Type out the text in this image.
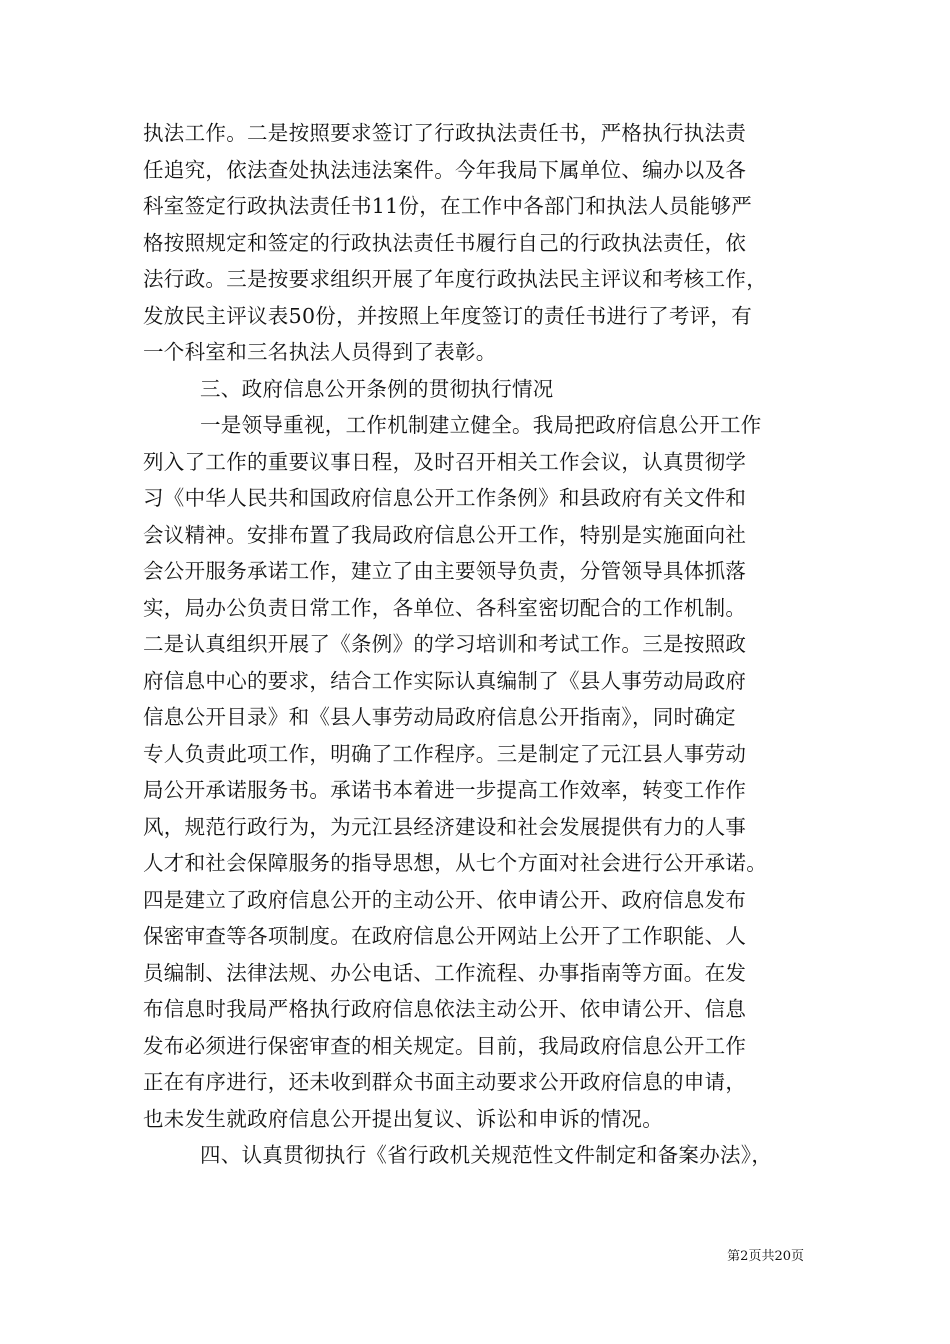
执法工作。二是按照要求签订了行政执法责任书，严格执行执法责
任追究，依法查处执法违法案件。今年我局下属单位、编办以及各
科室签定行政执法责任书11份，在工作中各部门和执法人员能够严
格按照规定和签定的行政执法责任书履行自己的行政执法责任，依
法行政。三是按要求组织开展了年度行政执法民主评议和考核工作，
发放民主评议表50份，并按照上年度签订的责任书进行了考评，有
一个科室和三名执法人员得到了表彰。
三、政府信息公开条例的贯彻执行情况
一是领导重视，工作机制建立健全。我局把政府信息公开工作
列入了工作的重要议事日程，及时召开相关工作会议，认真贯彻学
习《中华人民共和国政府信息公开工作条例》和县政府有关文件和
会议精神。安排布置了我局政府信息公开工作，特别是实施面向社
会公开服务承诺工作，建立了由主要领导负责，分管领导具体抓落
实，局办公负责日常工作，各单位、各科室密切配合的工作机制。
二是认真组织开展了《条例》的学习培训和考试工作。三是按照政
府信息中心的要求，结合工作实际认真编制了《县人事劳动局政府
信息公开目录》和《县人事劳动局政府信息公开指南》，同时确定
专人负责此项工作，明确了工作程序。三是制定了元江县人事劳动
局公开承诺服务书。承诺书本着进一步提高工作效率，转变工作作
风，规范行政行为，为元江县经济建设和社会发展提供有力的人事
人才和社会保障服务的指导思想，从七个方面对社会进行公开承诺。
四是建立了政府信息公开的主动公开、依申请公开、政府信息发布
保密审查等各项制度。在政府信息公开网站上公开了工作职能、人
员编制、法律法规、办公电话、工作流程、办事指南等方面。在发
布信息时我局严格执行政府信息依法主动公开、依申请公开、信息
发布必须进行保密审查的相关规定。目前，我局政府信息公开工作
正在有序进行，还未收到群众书面主动要求公开政府信息的申请，
也未发生就政府信息公开提出复议、诉讼和申诉的情况。
四、认真贯彻执行《省行政机关规范性文件制定和备案办法》，
第2页共20页
